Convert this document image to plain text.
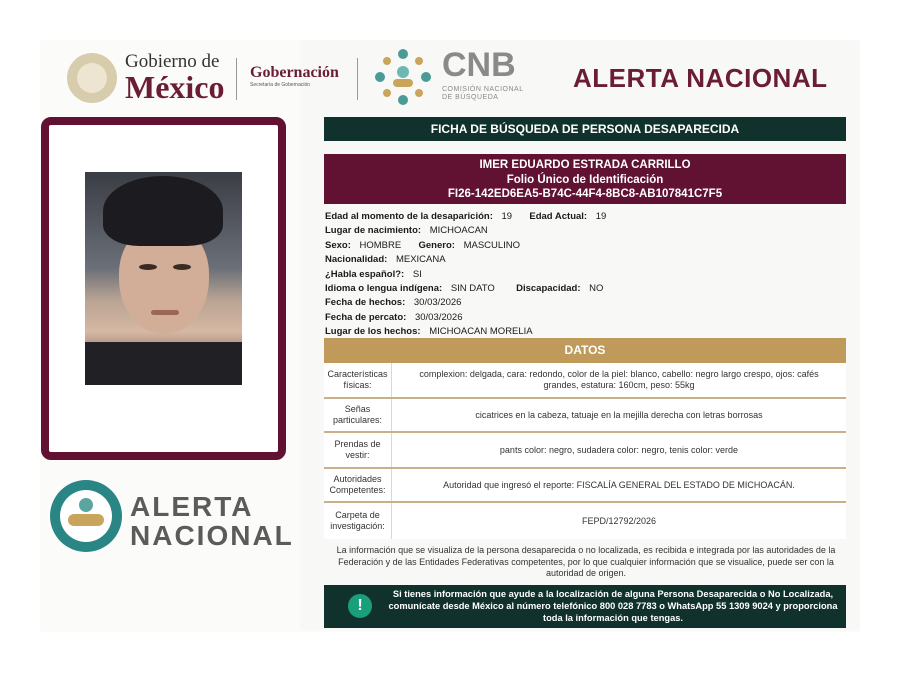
Gobierno de
México Gobernación
Secretaría de Gobernación
CNB
COMISIÓN NACIONAL
DE BÚSQUEDA
ALERTA NACIONAL
ALERTA
NACIONAL
FICHA DE BÚSQUEDA DE PERSONA DESAPARECIDA
IMER EDUARDO ESTRADA CARRILLO
Folio Único de Identificación
FI26-142ED6EA5-B74C-44F4-8BC8-AB107841C7F5
Edad al momento de la desaparición: 19 Edad Actual: 19
Lugar de nacimiento: MICHOACAN
Sexo: HOMBRE Genero: MASCULINO
Nacionalidad: MEXICANA
¿Habla español?: SI
Idioma o lengua indígena: SIN DATO Discapacidad: NO
Fecha de hechos: 30/03/2026
Fecha de percato: 30/03/2026
Lugar de los hechos: MICHOACAN MORELIA
DATOS
Características físicas:
complexion: delgada, cara: redondo, color de la piel: blanco, cabello: negro largo crespo, ojos: cafés grandes, estatura: 160cm, peso: 55kg
Señas particulares:
cicatrices en la cabeza, tatuaje en la mejilla derecha con letras borrosas
Prendas de vestir:
pants color: negro, sudadera color: negro, tenis color: verde
Autoridades Competentes:
Autoridad que ingresó el reporte: FISCALÍA GENERAL DEL ESTADO DE MICHOACÁN.
Carpeta de investigación:
FEPD/12792/2026
La información que se visualiza de la persona desaparecida o no localizada, es recibida e integrada por las autoridades de la Federación y de las Entidades Federativas competentes, por lo que cualquier información que se visualice, puede ser con la autoridad de origen.
!
Si tienes información que ayude a la localización de alguna Persona Desaparecida o No Localizada, comunícate desde México al número telefónico 800 028 7783 o WhatsApp 55 1309 9024 y proporciona toda la información que tengas.
